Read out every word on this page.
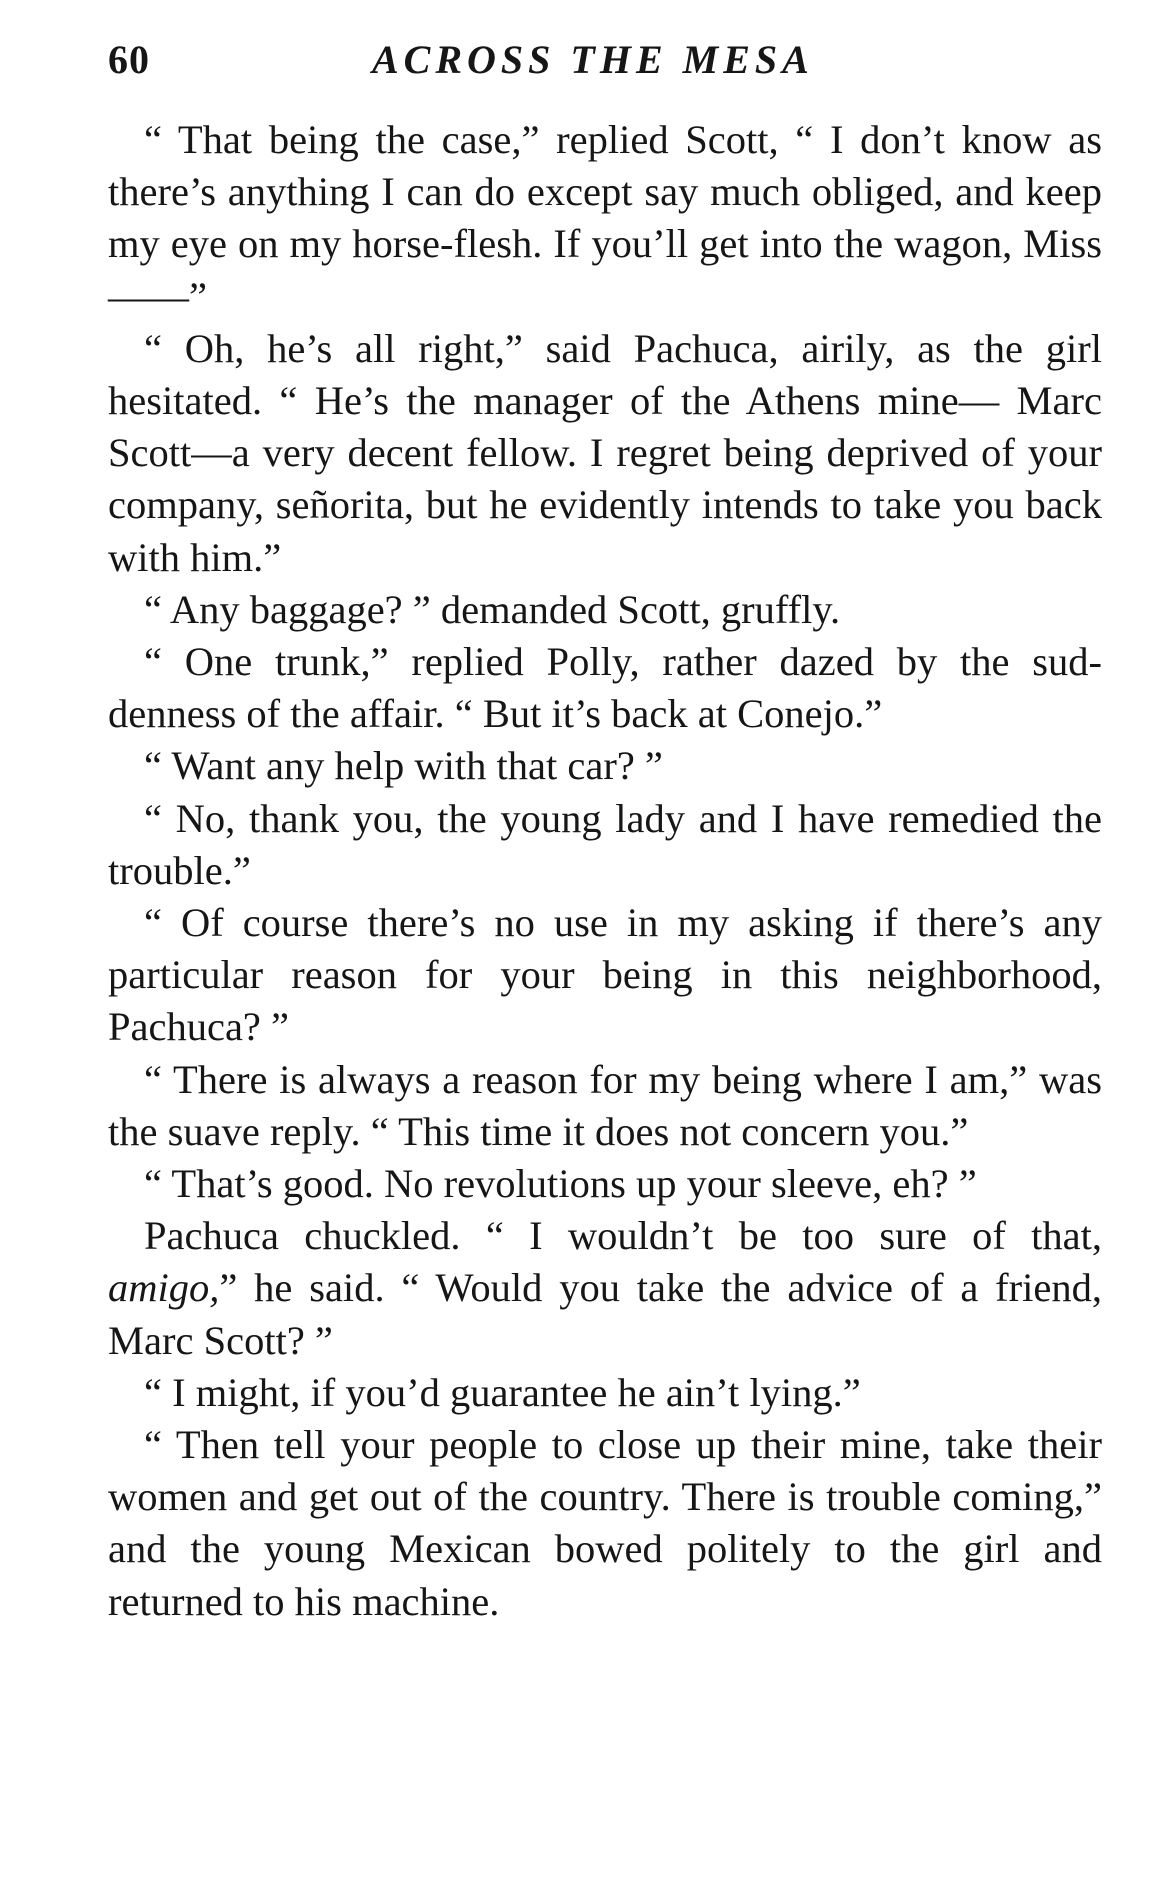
60	ACROSS THE MESA

“ That being the case,” replied Scott, “ I don’t know as there’s anything I can do except say much obliged, and keep my eye on my horse-flesh. If you’ll get into the wagon, Miss ——”

“ Oh, he’s all right,” said Pachuca, airily, as the girl hesitated. “ He’s the manager of the Athens mine— Marc Scott—a very decent fellow. I regret being deprived of your company, señorita, but he evidently intends to take you back with him.”

“ Any baggage? ” demanded Scott, gruffly.

“ One trunk,” replied Polly, rather dazed by the suddenness of the affair. “ But it’s back at Conejo.”

“ Want any help with that car? ”

“ No, thank you, the young lady and I have remedied the trouble.”

“ Of course there’s no use in my asking if there’s any particular reason for your being in this neighborhood, Pachuca? ”

“ There is always a reason for my being where I am,” was the suave reply. “ This time it does not concern you.”

“ That’s good. No revolutions up your sleeve, eh? ”

Pachuca chuckled. “ I wouldn’t be too sure of that, amigo,” he said. “ Would you take the advice of a friend, Marc Scott? ”

“ I might, if you’d guarantee he ain’t lying.”

“ Then tell your people to close up their mine, take their women and get out of the country. There is trouble coming,” and the young Mexican bowed politely to the girl and returned to his machine.
